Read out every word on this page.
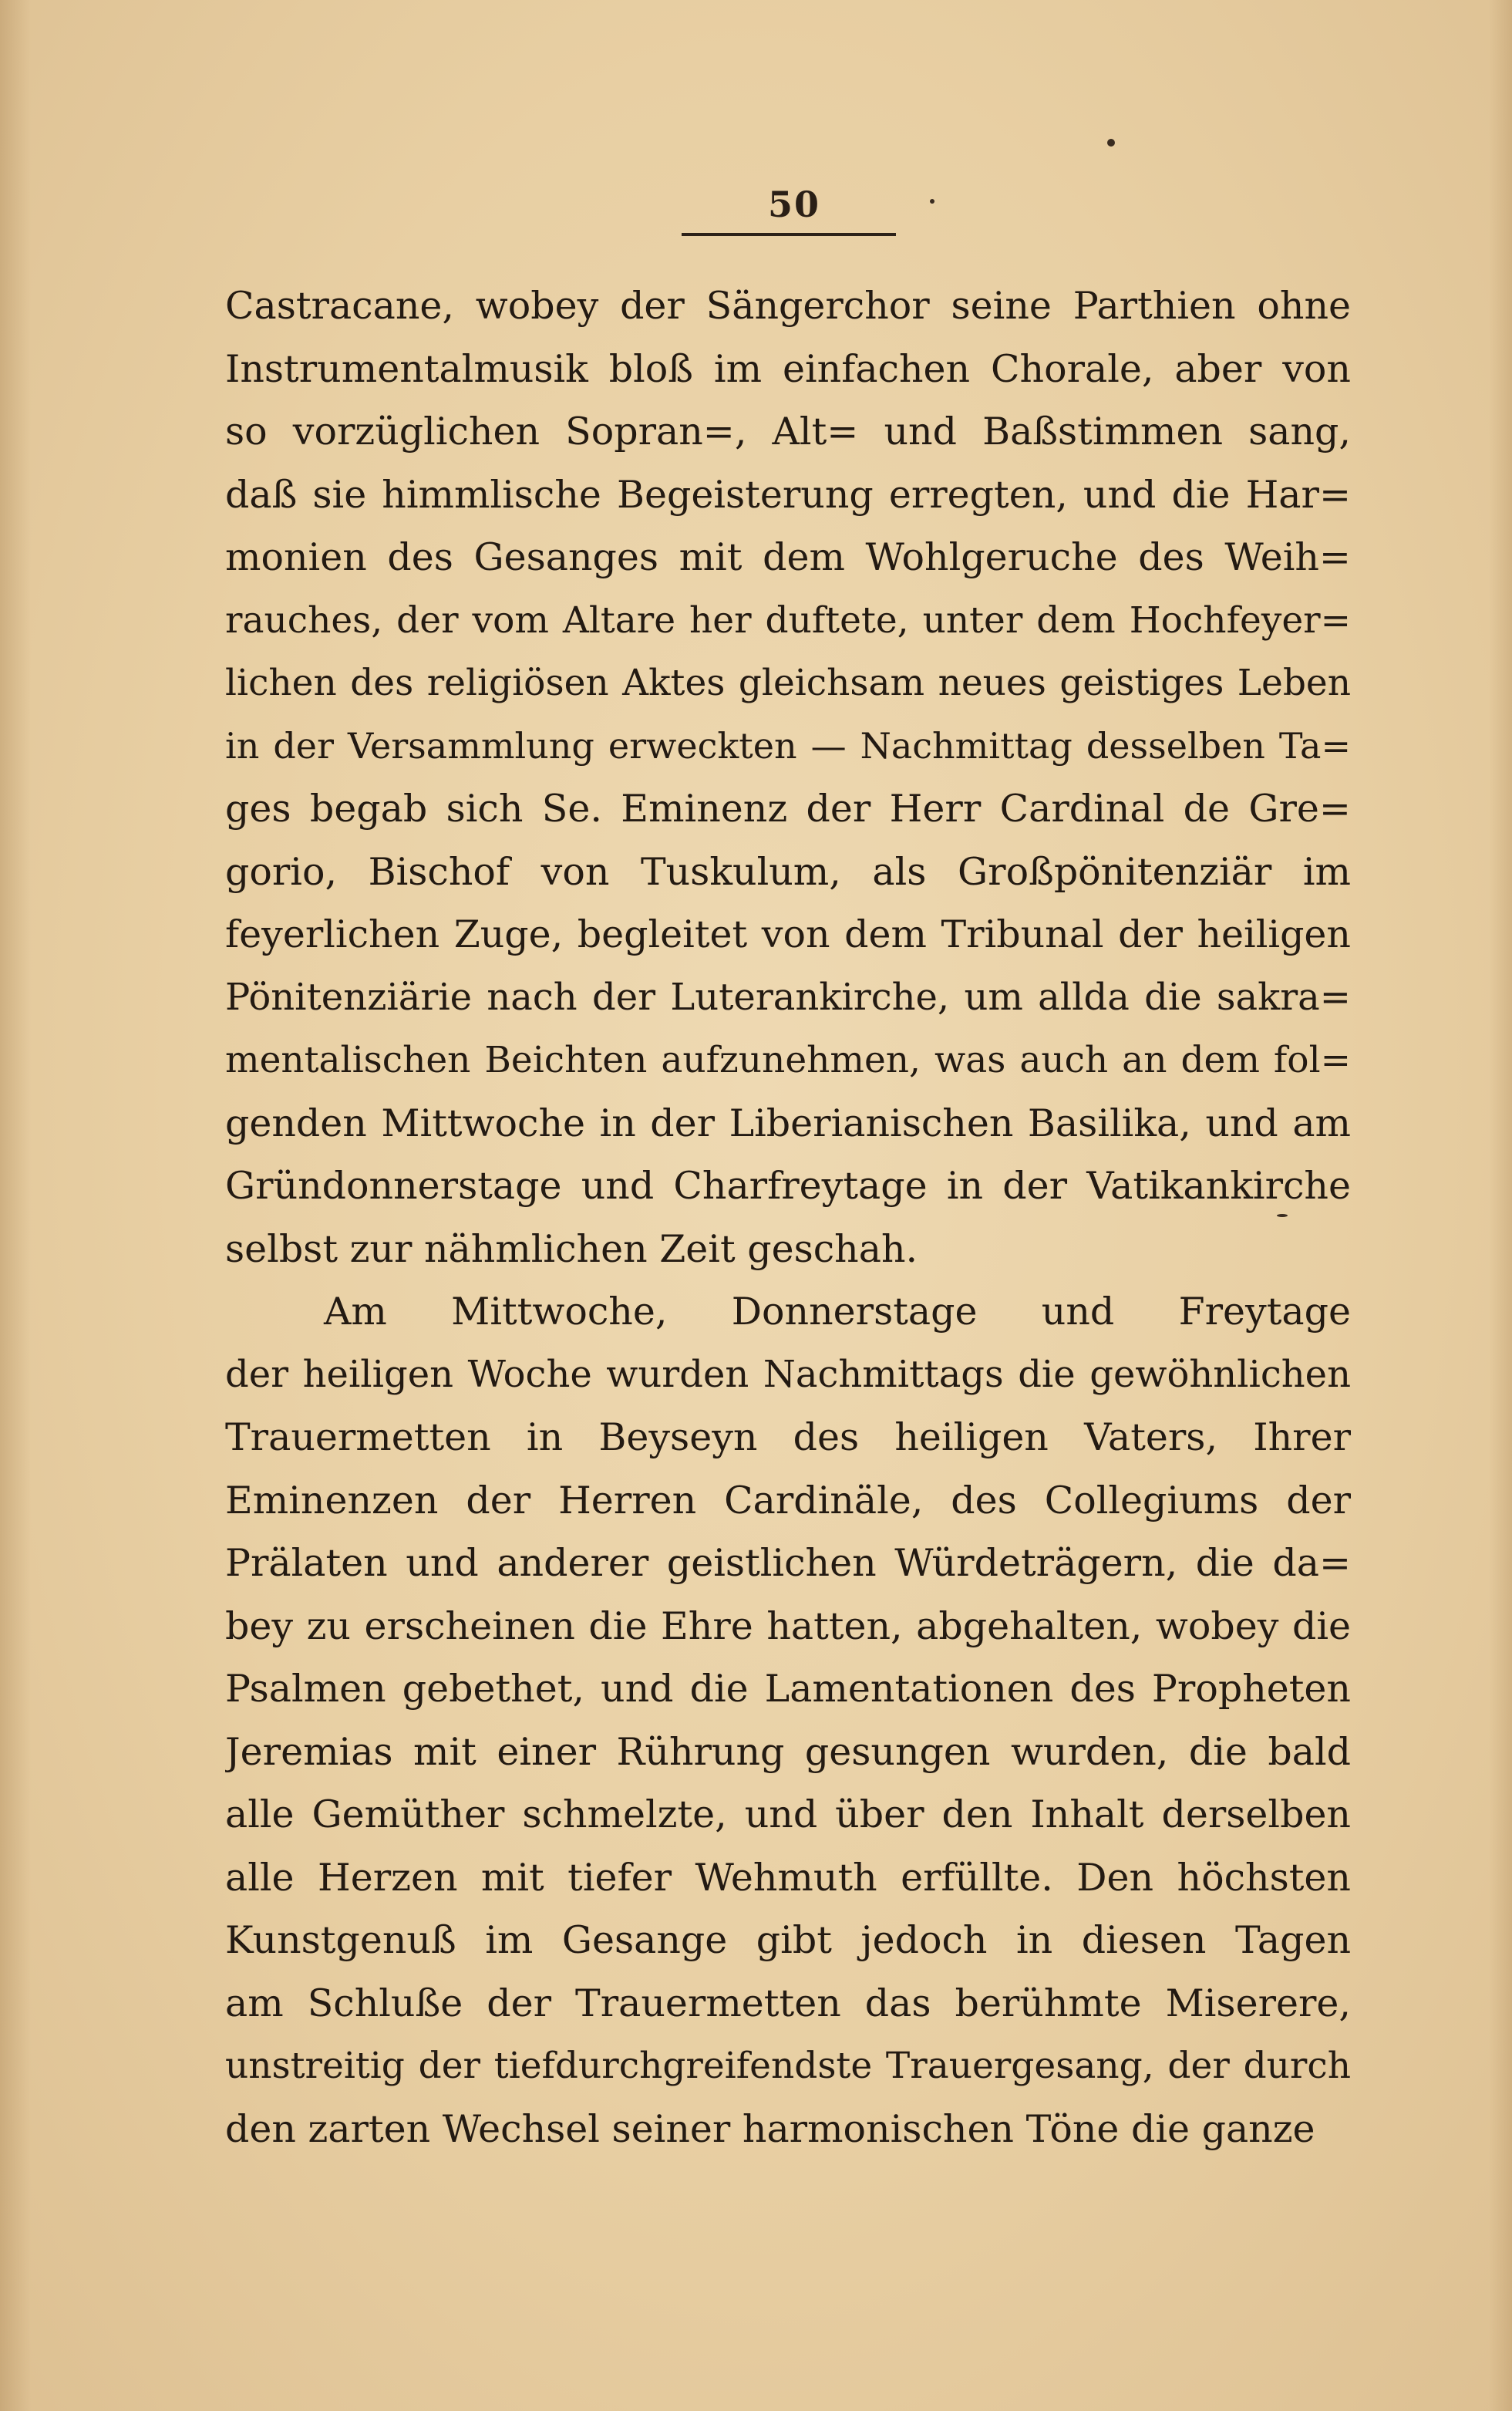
50
Castracane, wobey der Sängerchor seine Parthien ohne
Instrumentalmusik bloß im einfachen Chorale, aber von
so vorzüglichen Sopran=, Alt= und Baßstimmen sang,
daß sie himmlische Begeisterung erregten, und die Har=
monien des Gesanges mit dem Wohlgeruche des Weih=
rauches, der vom Altare her duftete, unter dem Hochfeyer=
lichen des religiösen Aktes gleichsam neues geistiges Leben
in der Versammlung erweckten — Nachmittag desselben Ta=
ges begab sich Se. Eminenz der Herr Cardinal de Gre=
gorio, Bischof von Tuskulum, als Großpönitenziär im
feyerlichen Zuge, begleitet von dem Tribunal der heiligen
Pönitenziärie nach der Luterankirche, um allda die sakra=
mentalischen Beichten aufzunehmen, was auch an dem fol=
genden Mittwoche in der Liberianischen Basilika, und am
Gründonnerstage und Charfreytage in der Vatikankirche
selbst zur nähmlichen Zeit geschah.
Am Mittwoche, Donnerstage und Freytage
der heiligen Woche wurden Nachmittags die gewöhnlichen
Trauermetten in Beyseyn des heiligen Vaters, Ihrer
Eminenzen der Herren Cardinäle, des Collegiums der
Prälaten und anderer geistlichen Würdeträgern, die da=
bey zu erscheinen die Ehre hatten, abgehalten, wobey die
Psalmen gebethet, und die Lamentationen des Propheten
Jeremias mit einer Rührung gesungen wurden, die bald
alle Gemüther schmelzte, und über den Inhalt derselben
alle Herzen mit tiefer Wehmuth erfüllte. Den höchsten
Kunstgenuß im Gesange gibt jedoch in diesen Tagen
am Schluße der Trauermetten das berühmte Miserere,
unstreitig der tiefdurchgreifendste Trauergesang, der durch
den zarten Wechsel seiner harmonischen Töne die ganze
